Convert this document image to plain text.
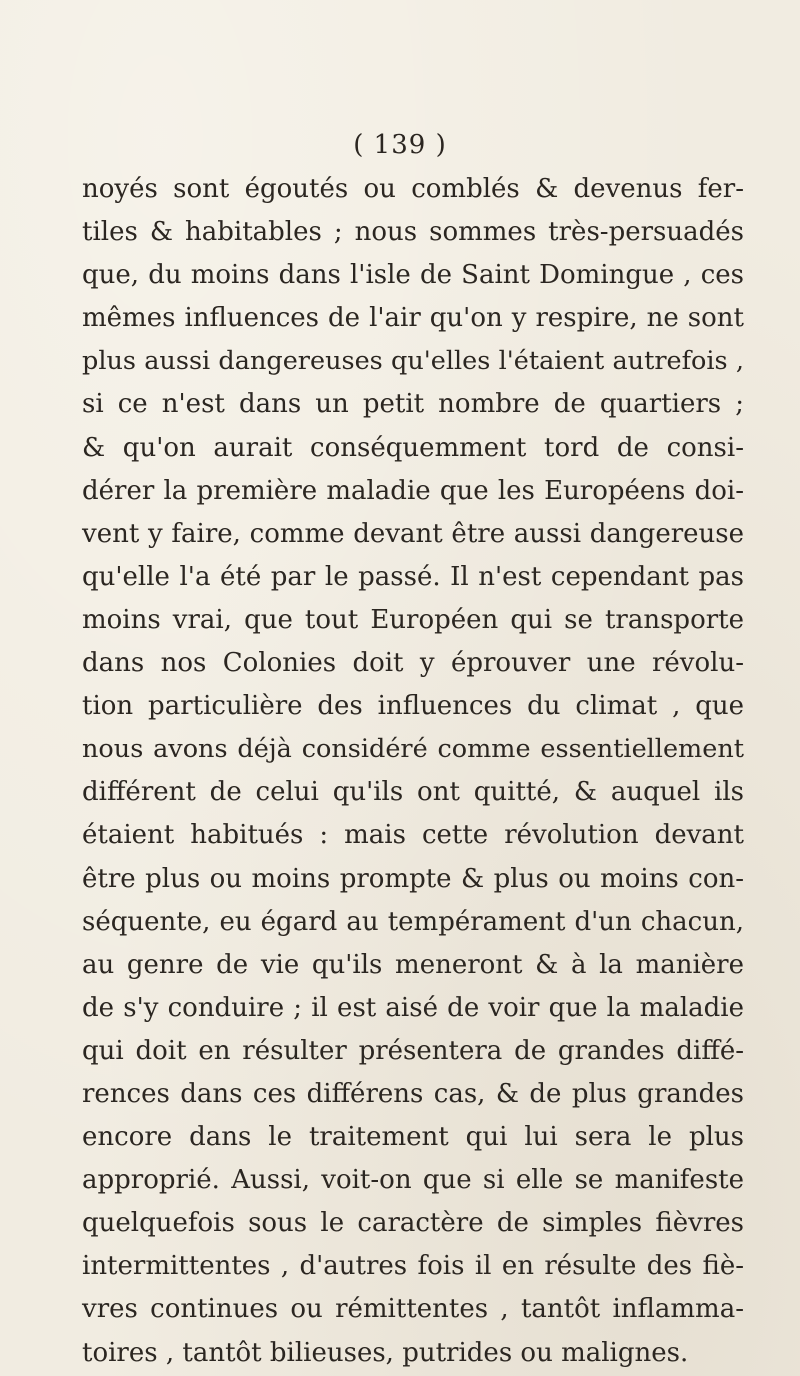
( 139 )
noyés sont égoutés ou comblés & devenus fer-
tiles & habitables ; nous sommes très-persuadés
que, du moins dans l'isle de Saint Domingue , ces
mêmes influences de l'air qu'on y respire, ne sont
plus aussi dangereuses qu'elles l'étaient autrefois ,
si ce n'est dans un petit nombre de quartiers ;
& qu'on aurait conséquemment tord de consi-
dérer la première maladie que les Européens doi-
vent y faire, comme devant être aussi dangereuse
qu'elle l'a été par le passé. Il n'est cependant pas
moins vrai, que tout Européen qui se transporte
dans nos Colonies doit y éprouver une révolu-
tion particulière des influences du climat , que
nous avons déjà considéré comme essentiellement
différent de celui qu'ils ont quitté, & auquel ils
étaient habitués : mais cette révolution devant
être plus ou moins prompte & plus ou moins con-
séquente, eu égard au tempérament d'un chacun,
au genre de vie qu'ils meneront & à la manière
de s'y conduire ; il est aisé de voir que la maladie
qui doit en résulter présentera de grandes diffé-
rences dans ces différens cas, & de plus grandes
encore dans le traitement qui lui sera le plus
approprié. Aussi, voit-on que si elle se manifeste
quelquefois sous le caractère de simples fièvres
intermittentes , d'autres fois il en résulte des fiè-
vres continues ou rémittentes , tantôt inflamma-
toires , tantôt bilieuses, putrides ou malignes.
